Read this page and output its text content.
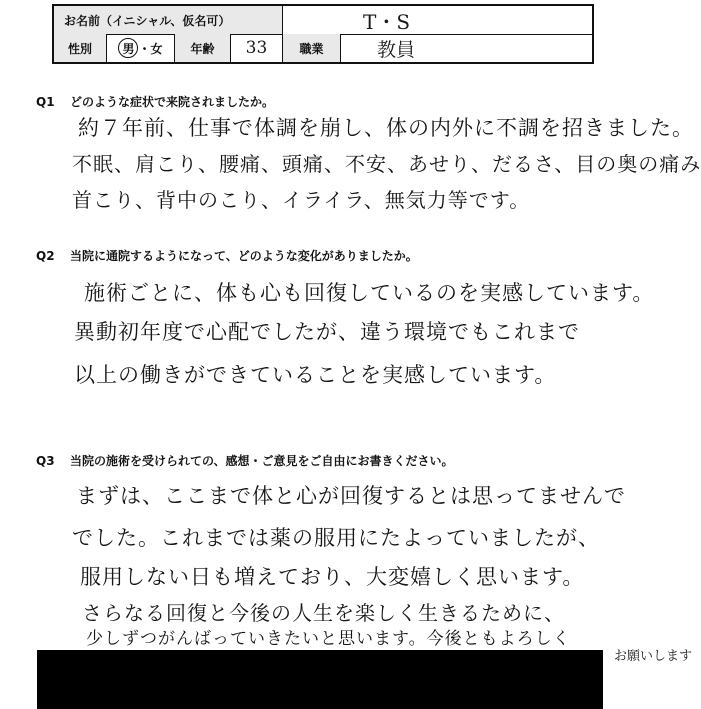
お名前（イニシャル、仮名可）	T・S
性別	男 ・ 女	年齢	33	職業	教員
Q1 どのような症状で来院されましたか。
約７年前、仕事で体調を崩し、体の内外に不調を招きました。
不眠、肩こり、腰痛、頭痛、不安、あせり、だるさ、目の奥の痛み
首こり、背中のこり、イライラ、無気力等です。
Q2 当院に通院するようになって、どのような変化がありましたか。
施術ごとに、体も心も回復しているのを実感しています。
異動初年度で心配でしたが、違う環境でもこれまで
以上の働きができていることを実感しています。
Q3 当院の施術を受けられての、感想・ご意見をご自由にお書きください。
まずは、ここまで体と心が回復するとは思ってませんで
でした。これまでは薬の服用にたよっていましたが、
服用しない日も増えており、大変嬉しく思います。
さらなる回復と今後の人生を楽しく生きるために、
少しずつがんばっていきたいと思います。今後ともよろしく
お願いします
